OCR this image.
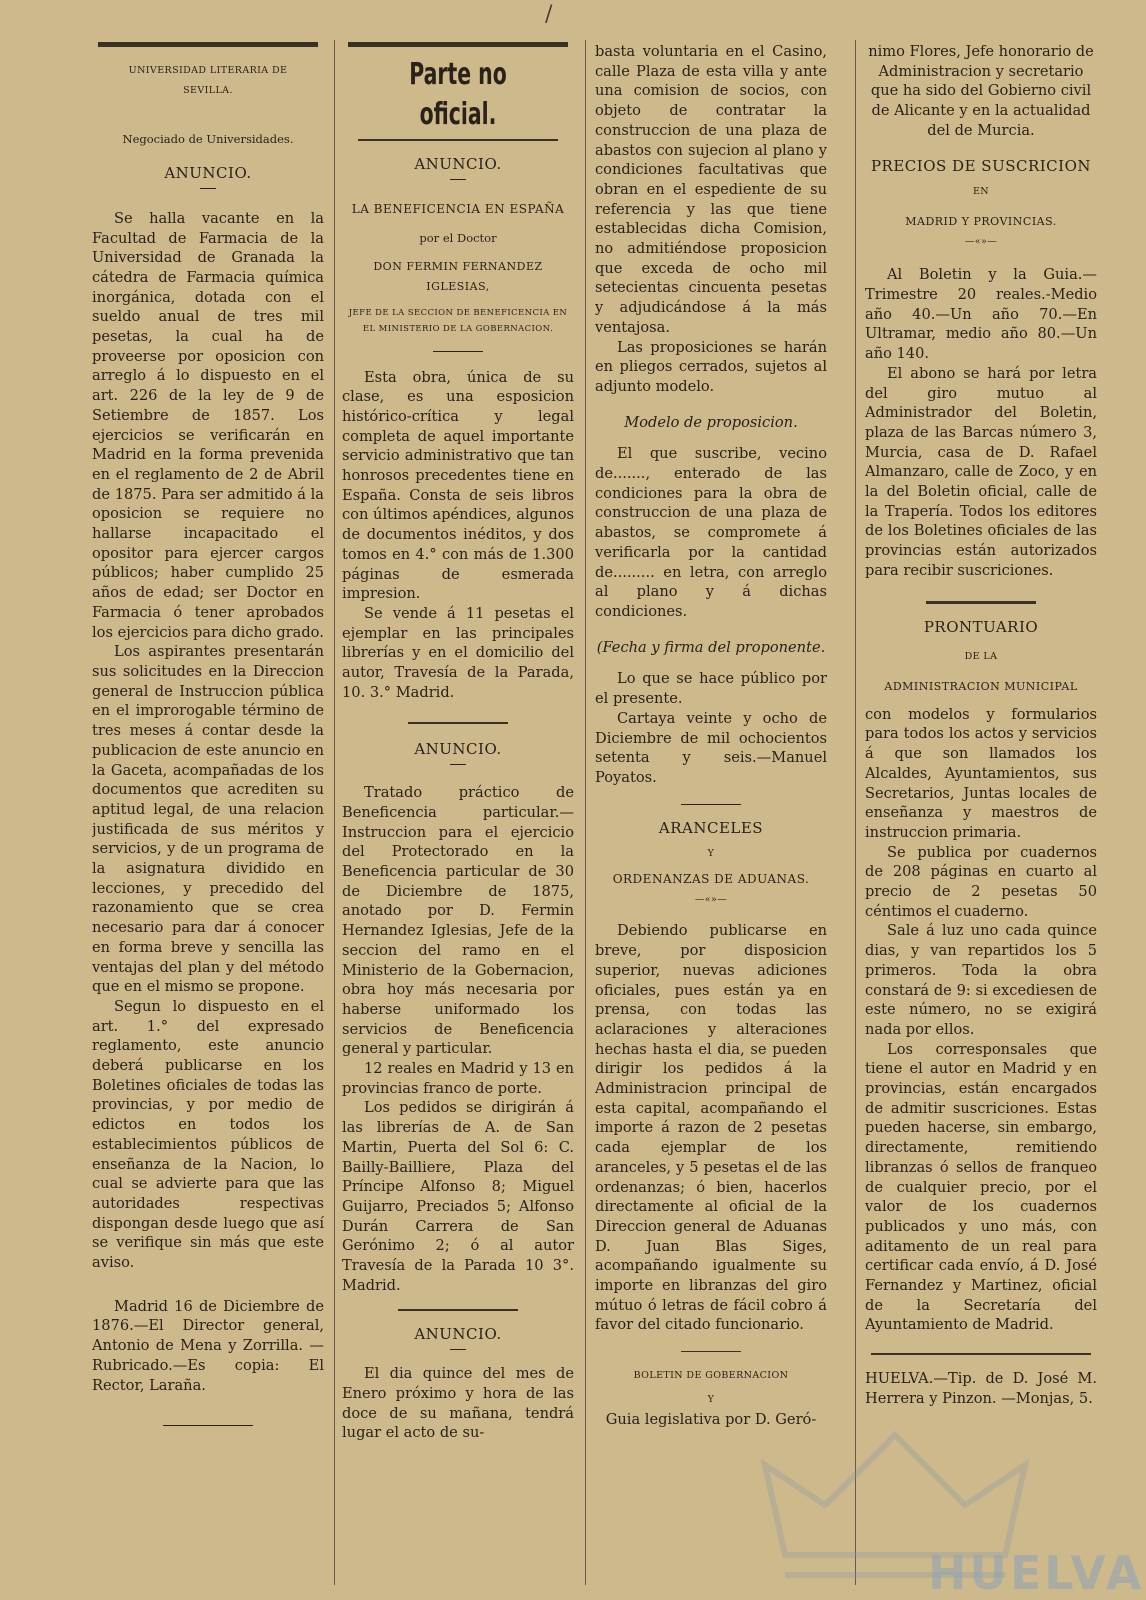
/
UNIVERSIDAD LITERARIA DE
SEVILLA.
Negociado de Universidades.
ANUNCIO.

Se halla vacante en la Facultad de Farmacia de la Universidad de Granada la cátedra de Farmacia química inorgánica, dotada con el sueldo anual de tres mil pesetas, la cual ha de proveerse por oposicion con arreglo á lo dispuesto en el art. 226 de la ley de 9 de Setiembre de 1857. Los ejercicios se verificarán en Madrid en la forma prevenida en el reglamento de 2 de Abril de 1875. Para ser admitido á la oposicion se requiere no hallarse incapacitado el opositor para ejercer cargos públicos; haber cumplido 25 años de edad; ser Doctor en Farmacia ó tener aprobados los ejercicios para dicho grado.

Los aspirantes presentarán sus solicitudes en la Direccion general de Instruccion pública en el improrogable término de tres meses á contar desde la publicacion de este anuncio en la Gaceta, acompañadas de los documentos que acrediten su aptitud legal, de una relacion justificada de sus méritos y servicios, y de un programa de la asignatura dividido en lecciones, y precedido del razonamiento que se crea necesario para dar á conocer en forma breve y sencilla las ventajas del plan y del método que en el mismo se propone.

Segun lo dispuesto en el art. 1.° del expresado reglamento, este anuncio deberá publicarse en los Boletines oficiales de todas las provincias, y por medio de edictos en todos los establecimientos públicos de enseñanza de la Nacion, lo cual se advierte para que las autoridades respectivas dispongan desde luego que así se verifique sin más que este aviso.

Madrid 16 de Diciembre de 1876.—El Director general, Antonio de Mena y Zorrilla. —Rubricado.—Es copia: El Rector, Laraña.

Parte no oficial.
ANUNCIO.
LA BENEFICENCIA EN ESPAÑA
por el Doctor
DON FERMIN FERNANDEZ IGLESIAS,
JEFE DE LA SECCION DE BENEFICENCIA EN EL MINISTERIO DE LA GOBERNACION.

Esta obra, única de su clase, es una esposicion histórico-crítica y legal completa de aquel importante servicio administrativo que tan honrosos precedentes tiene en España. Consta de seis libros con últimos apéndices, algunos de documentos inéditos, y dos tomos en 4.° con más de 1.300 páginas de esmerada impresion.

Se vende á 11 pesetas el ejemplar en las principales librerías y en el domicilio del autor, Travesía de la Parada, 10. 3.° Madrid.

ANUNCIO.

Tratado práctico de Beneficencia particular.—Instruccion para el ejercicio del Protectorado en la Beneficencia particular de 30 de Diciembre de 1875, anotado por D. Fermin Hernandez Iglesias, Jefe de la seccion del ramo en el Ministerio de la Gobernacion, obra hoy más necesaria por haberse uniformado los servicios de Beneficencia general y particular.

12 reales en Madrid y 13 en provincias franco de porte.

Los pedidos se dirigirán á las librerías de A. de San Martin, Puerta del Sol 6: C. Bailly-Bailliere, Plaza del Príncipe Alfonso 8; Miguel Guijarro, Preciados 5; Alfonso Durán Carrera de San Gerónimo 2; ó al autor Travesía de la Parada 10 3°. Madrid.

ANUNCIO.

El dia quince del mes de Enero próximo y hora de las doce de su mañana, tendrá lugar el acto de su-

basta voluntaria en el Casino, calle Plaza de esta villa y ante una comision de socios, con objeto de contratar la construccion de una plaza de abastos con sujecion al plano y condiciones facultativas que obran en el espediente de su referencia y las que tiene establecidas dicha Comision, no admitiéndose proposicion que exceda de ocho mil setecientas cincuenta pesetas y adjudicándose á la más ventajosa.

Las proposiciones se harán en pliegos cerrados, sujetos al adjunto modelo.

Modelo de proposicion.

El que suscribe, vecino de......., enterado de las condiciones para la obra de construccion de una plaza de abastos, se compromete á verificarla por la cantidad de......... en letra, con arreglo al plano y á dichas condiciones.

(Fecha y firma del proponente.

Lo que se hace público por el presente.

Cartaya veinte y ocho de Diciembre de mil ochocientos setenta y seis.—Manuel Poyatos.

ARANCELES
Y
ORDENANZAS DE ADUANAS.
—«»—

Debiendo publicarse en breve, por disposicion superior, nuevas adiciones oficiales, pues están ya en prensa, con todas las aclaraciones y alteraciones hechas hasta el dia, se pueden dirigir los pedidos á la Administracion principal de esta capital, acompañando el importe á razon de 2 pesetas cada ejemplar de los aranceles, y 5 pesetas el de las ordenanzas; ó bien, hacerlos directamente al oficial de la Direccion general de Aduanas D. Juan Blas Siges, acompañando igualmente su importe en libranzas del giro mútuo ó letras de fácil cobro á favor del citado funcionario.

BOLETIN DE GOBERNACION
Y
Guia legislativa por D. Geró-

nimo Flores, Jefe honorario de Administracion y secretario que ha sido del Gobierno civil de Alicante y en la actualidad del de Murcia.

PRECIOS DE SUSCRICION
EN
MADRID Y PROVINCIAS.
—«»—

Al Boletin y la Guia.—Trimestre 20 reales.-Medio año 40.—Un año 70.—En Ultramar, medio año 80.—Un año 140.

El abono se hará por letra del giro mutuo al Administrador del Boletin, plaza de las Barcas número 3, Murcia, casa de D. Rafael Almanzaro, calle de Zoco, y en la del Boletin oficial, calle de la Trapería. Todos los editores de los Boletines oficiales de las provincias están autorizados para recibir suscriciones.

PRONTUARIO
DE LA
ADMINISTRACION MUNICIPAL

con modelos y formularios para todos los actos y servicios á que son llamados los Alcaldes, Ayuntamientos, sus Secretarios, Juntas locales de enseñanza y maestros de instruccion primaria.

Se publica por cuadernos de 208 páginas en cuarto al precio de 2 pesetas 50 céntimos el cuaderno.

Sale á luz uno cada quince dias, y van repartidos los 5 primeros. Toda la obra constará de 9: si excediesen de este número, no se exigirá nada por ellos.

Los corresponsales que tiene el autor en Madrid y en provincias, están encargados de admitir suscriciones. Estas pueden hacerse, sin embargo, directamente, remitiendo libranzas ó sellos de franqueo de cualquier precio, por el valor de los cuadernos publicados y uno más, con aditamento de un real para certificar cada envío, á D. José Fernandez y Martinez, oficial de la Secretaría del Ayuntamiento de Madrid.

HUELVA.—Tip. de D. José M. Herrera y Pinzon. —Monjas, 5.

HUELVA
